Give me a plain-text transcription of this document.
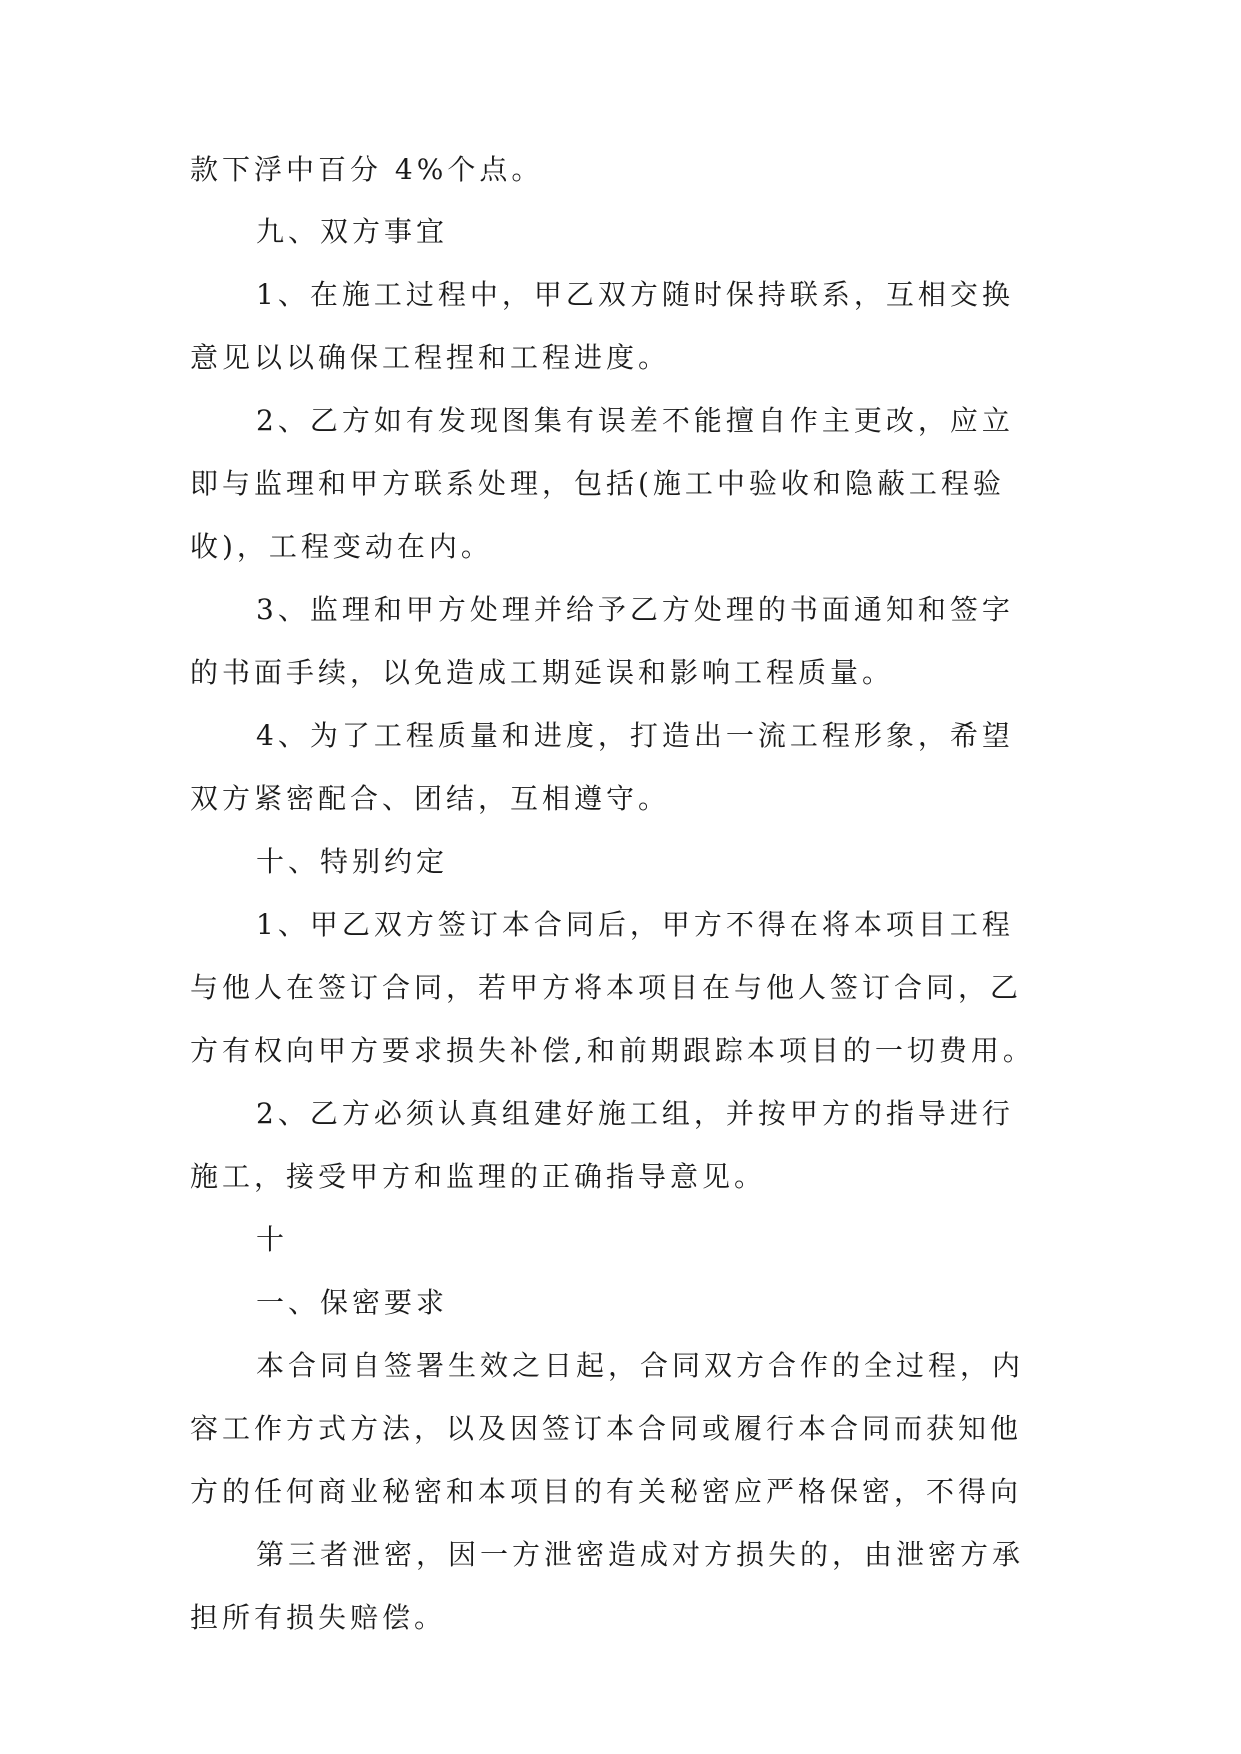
款下浮中百分 4%个点。
九、双方事宜
1、在施工过程中，甲乙双方随时保持联系，互相交换
意见以以确保工程捏和工程进度。
2、乙方如有发现图集有误差不能擅自作主更改，应立
即与监理和甲方联系处理，包括(施工中验收和隐蔽工程验
收)，工程变动在内。
3、监理和甲方处理并给予乙方处理的书面通知和签字
的书面手续，以免造成工期延误和影响工程质量。
4、为了工程质量和进度，打造出一流工程形象，希望
双方紧密配合、团结，互相遵守。
十、特别约定
1、甲乙双方签订本合同后，甲方不得在将本项目工程
与他人在签订合同，若甲方将本项目在与他人签订合同，乙
方有权向甲方要求损失补偿,和前期跟踪本项目的一切费用。
2、乙方必须认真组建好施工组，并按甲方的指导进行
施工，接受甲方和监理的正确指导意见。
十
一、保密要求
本合同自签署生效之日起，合同双方合作的全过程，内
容工作方式方法，以及因签订本合同或履行本合同而获知他
方的任何商业秘密和本项目的有关秘密应严格保密，不得向
第三者泄密，因一方泄密造成对方损失的，由泄密方承
担所有损失赔偿。
